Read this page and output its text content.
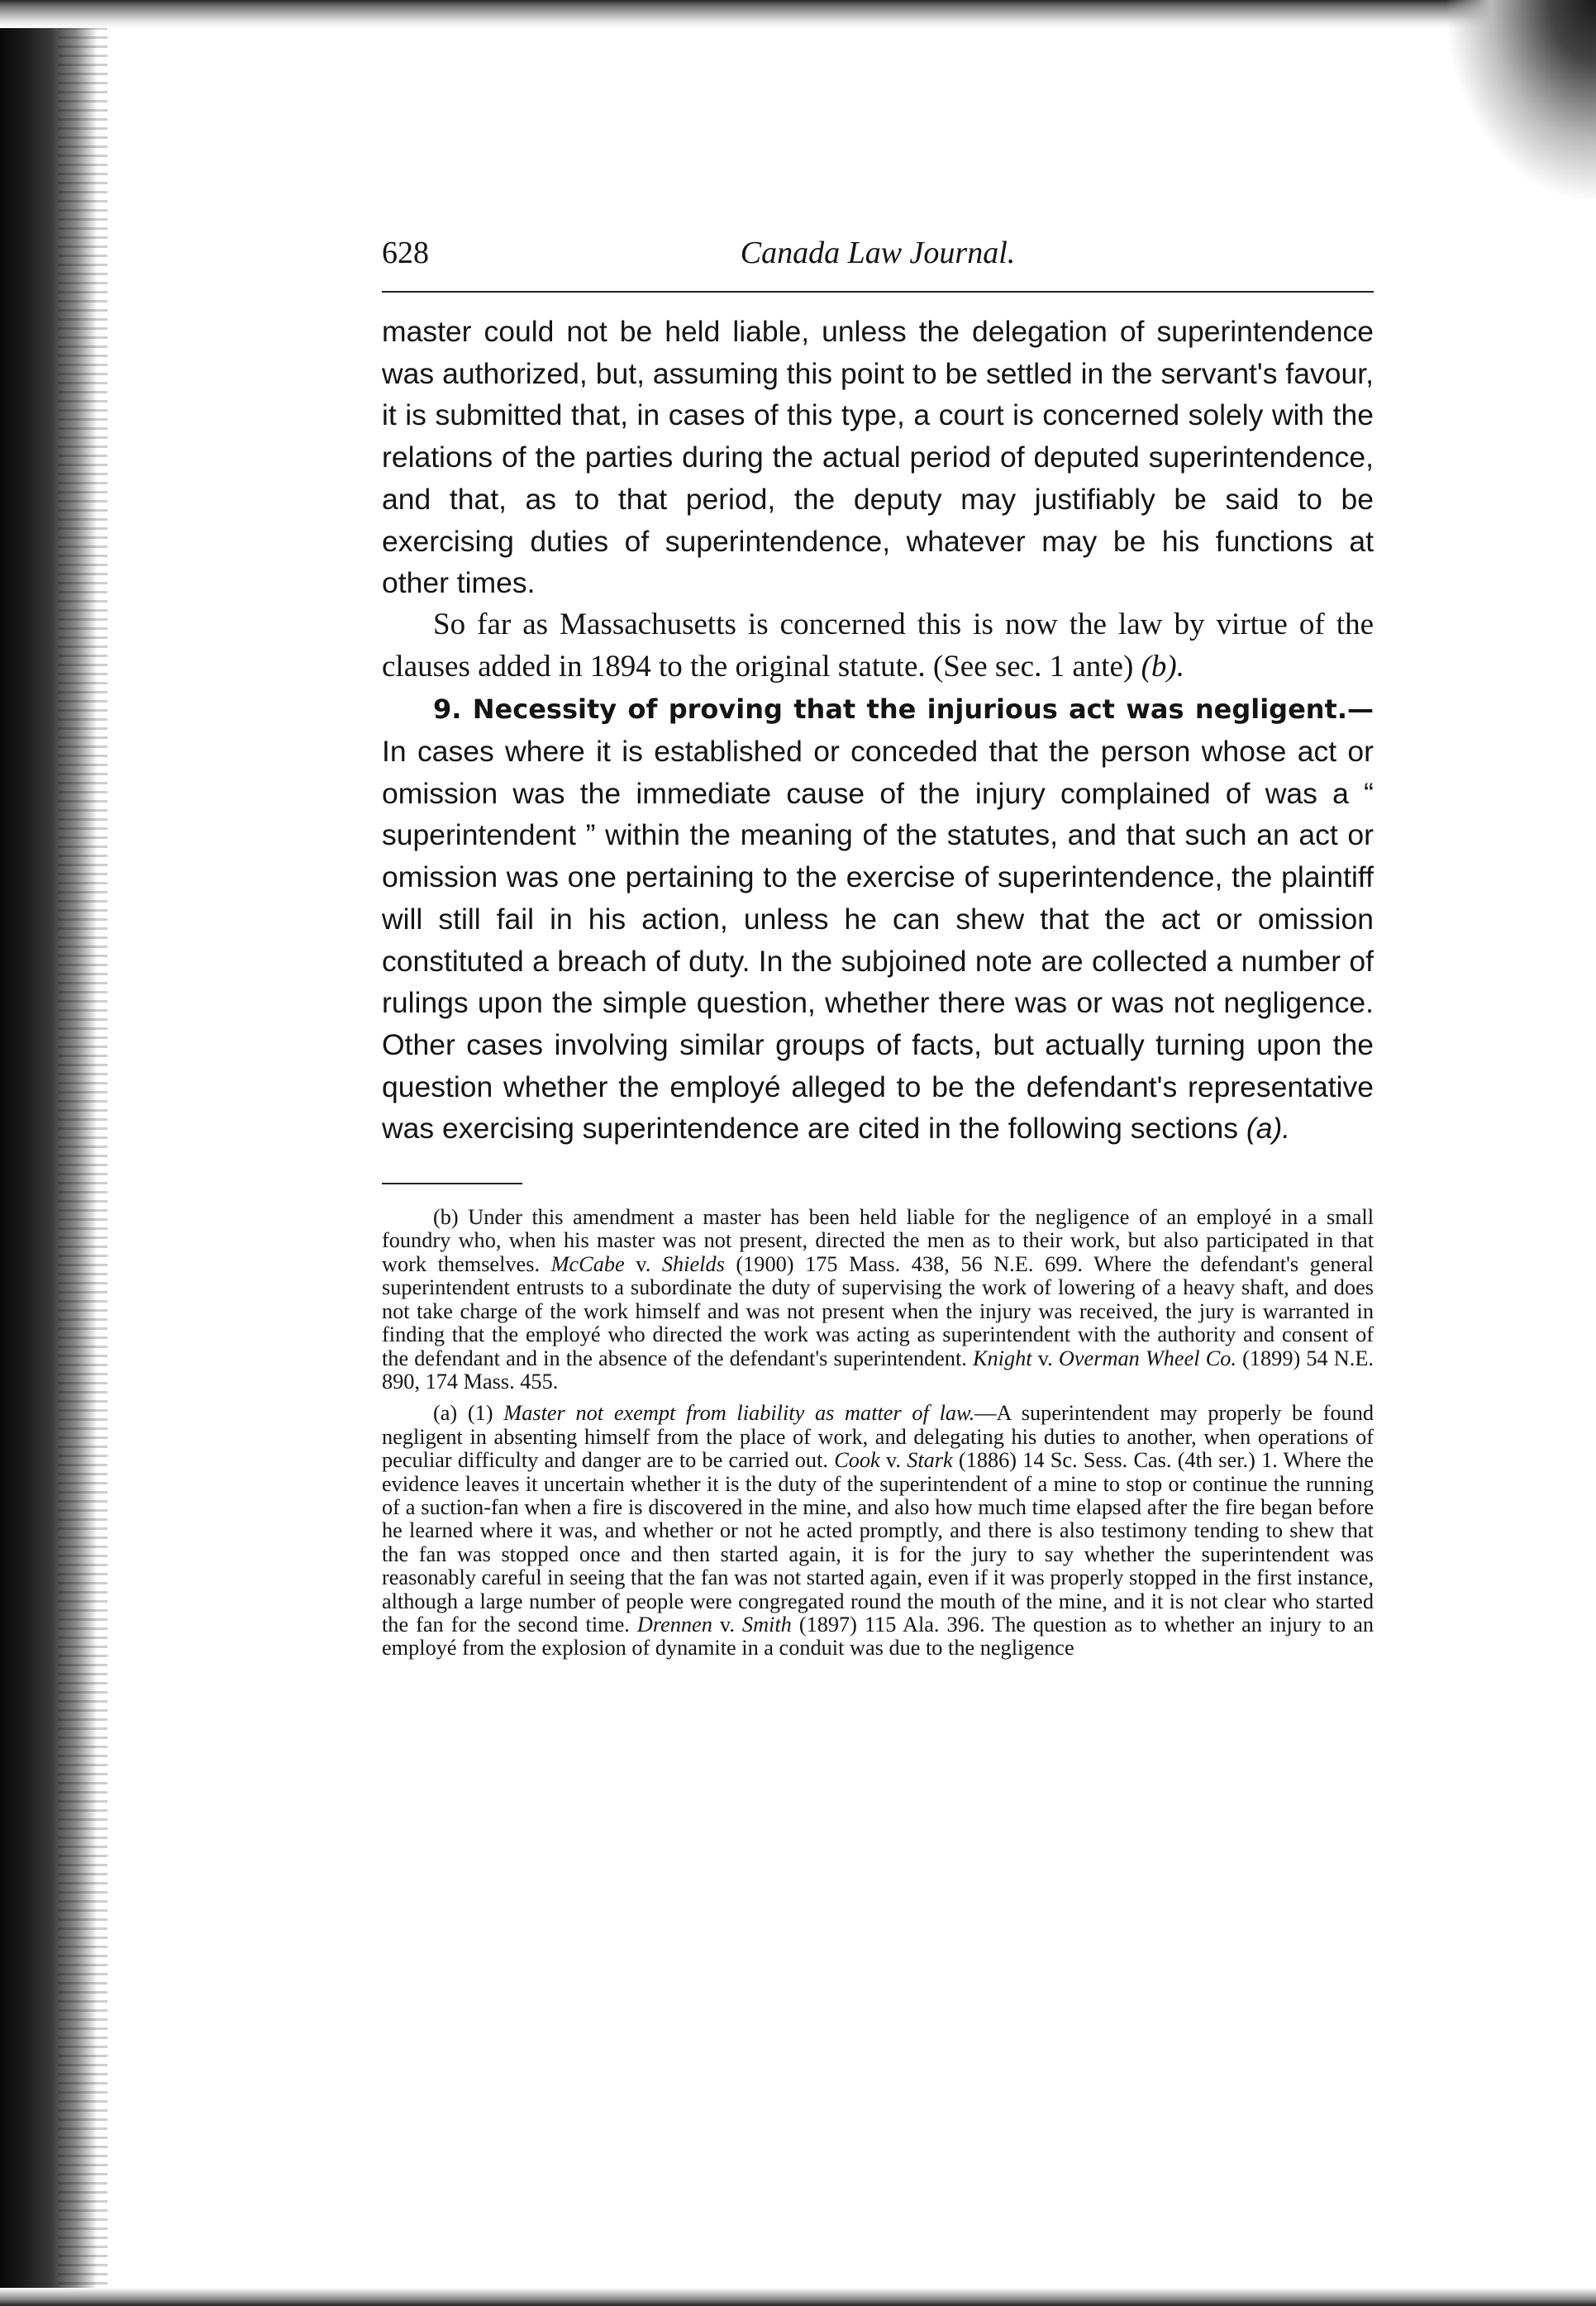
628	Canada Law Journal.

master could not be held liable, unless the delegation of superintendence was authorized, but, assuming this point to be settled in the servant's favour, it is submitted that, in cases of this type, a court is concerned solely with the relations of the parties during the actual period of deputed superintendence, and that, as to that period, the deputy may justifiably be said to be exercising duties of superintendence, whatever may be his functions at other times.

So far as Massachusetts is concerned this is now the law by virtue of the clauses added in 1894 to the original statute. (See sec. 1 ante) (b).

9. Necessity of proving that the injurious act was negligent.— In cases where it is established or conceded that the person whose act or omission was the immediate cause of the injury complained of was a “ superintendent ” within the meaning of the statutes, and that such an act or omission was one pertaining to the exercise of superintendence, the plaintiff will still fail in his action, unless he can shew that the act or omission constituted a breach of duty. In the subjoined note are collected a number of rulings upon the simple question, whether there was or was not negligence. Other cases involving similar groups of facts, but actually turning upon the question whether the employé alleged to be the defendant's representative was exercising superintendence are cited in the following sections (a).

(b) Under this amendment a master has been held liable for the negligence of an employé in a small foundry who, when his master was not present, directed the men as to their work, but also participated in that work themselves. McCabe v. Shields (1900) 175 Mass. 438, 56 N.E. 699. Where the defendant's general superintendent entrusts to a subordinate the duty of supervising the work of lowering of a heavy shaft, and does not take charge of the work himself and was not present when the injury was received, the jury is warranted in finding that the employé who directed the work was acting as superintendent with the authority and consent of the defendant and in the absence of the defendant's superintendent. Knight v. Overman Wheel Co. (1899) 54 N.E. 890, 174 Mass. 455.

(a) (1) Master not exempt from liability as matter of law.—A superintendent may properly be found negligent in absenting himself from the place of work, and delegating his duties to another, when operations of peculiar difficulty and danger are to be carried out. Cook v. Stark (1886) 14 Sc. Sess. Cas. (4th ser.) 1. Where the evidence leaves it uncertain whether it is the duty of the superintendent of a mine to stop or continue the running of a suction-fan when a fire is discovered in the mine, and also how much time elapsed after the fire began before he learned where it was, and whether or not he acted promptly, and there is also testimony tending to shew that the fan was stopped once and then started again, it is for the jury to say whether the superintendent was reasonably careful in seeing that the fan was not started again, even if it was properly stopped in the first instance, although a large number of people were congregated round the mouth of the mine, and it is not clear who started the fan for the second time. Drennen v. Smith (1897) 115 Ala. 396. The question as to whether an injury to an employé from the explosion of dynamite in a conduit was due to the negligence
